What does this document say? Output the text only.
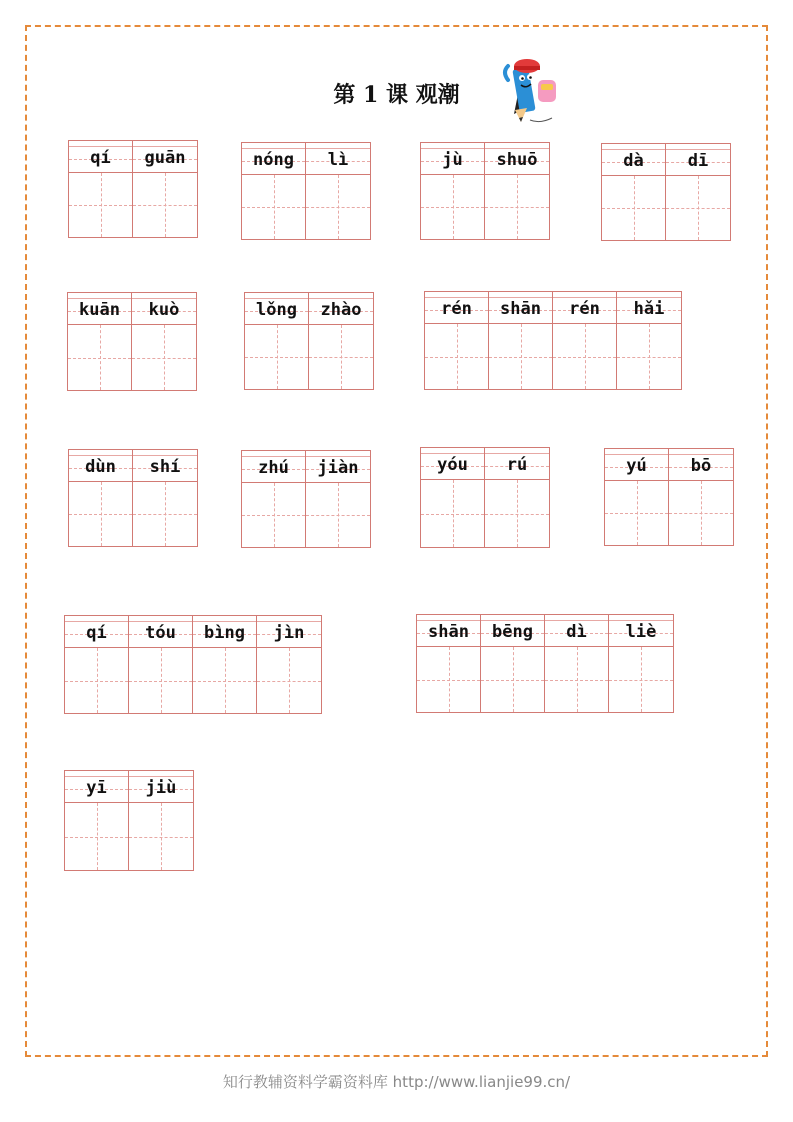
第 1 课 观潮
qí guān	nóng lì	jù shuō	dà	dī
kuān kuò	lǒng zhào	rén shān rén hǎi
dùn shí	zhú jiàn	yóu rú	yú	bō
qí tóu bìng jìn	shān bēng dì liè
yī jiù
知行教辅资料学霸资料库 http://www.lianjie99.cn/
